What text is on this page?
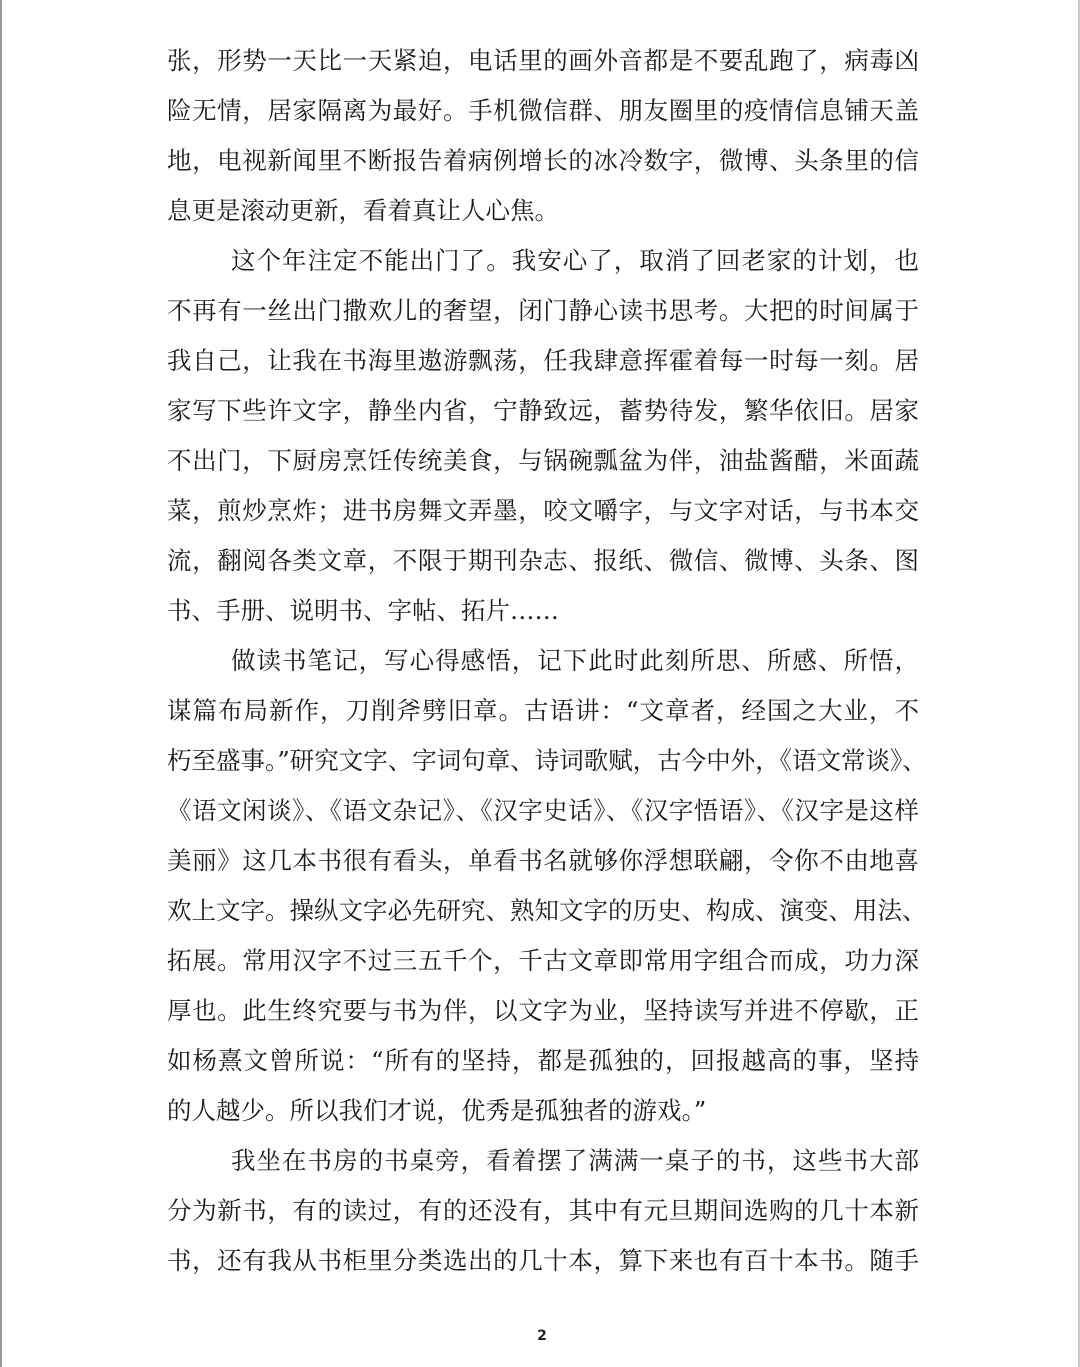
张，形势一天比一天紧迫，电话里的画外音都是不要乱跑了，病毒凶
险无情，居家隔离为最好。手机微信群、朋友圈里的疫情信息铺天盖
地，电视新闻里不断报告着病例增长的冰冷数字，微博、头条里的信
息更是滚动更新，看着真让人心焦。
这个年注定不能出门了。我安心了，取消了回老家的计划，也
不再有一丝出门撒欢儿的奢望，闭门静心读书思考。大把的时间属于
我自己，让我在书海里遨游飘荡，任我肆意挥霍着每一时每一刻。居
家写下些许文字，静坐内省，宁静致远，蓄势待发，繁华依旧。居家
不出门，下厨房烹饪传统美食，与锅碗瓢盆为伴，油盐酱醋，米面蔬
菜，煎炒烹炸；进书房舞文弄墨，咬文嚼字，与文字对话，与书本交
流，翻阅各类文章，不限于期刊杂志、报纸、微信、微博、头条、图
书、手册、说明书、字帖、拓片……
做读书笔记，写心得感悟，记下此时此刻所思、所感、所悟，
谋篇布局新作，刀削斧劈旧章。古语讲：“文章者，经国之大业，不
朽至盛事。”研究文字、字词句章、诗词歌赋，古今中外，《语文常谈》、
《语文闲谈》、《语文杂记》、《汉字史话》、《汉字悟语》、《汉字是这样
美丽》这几本书很有看头，单看书名就够你浮想联翩，令你不由地喜
欢上文字。操纵文字必先研究、熟知文字的历史、构成、演变、用法、
拓展。常用汉字不过三五千个，千古文章即常用字组合而成，功力深
厚也。此生终究要与书为伴，以文字为业，坚持读写并进不停歇，正
如杨熹文曾所说：“所有的坚持，都是孤独的，回报越高的事，坚持
的人越少。所以我们才说，优秀是孤独者的游戏。”
我坐在书房的书桌旁，看着摆了满满一桌子的书，这些书大部
分为新书，有的读过，有的还没有，其中有元旦期间选购的几十本新
书，还有我从书柜里分类选出的几十本，算下来也有百十本书。随手
2
